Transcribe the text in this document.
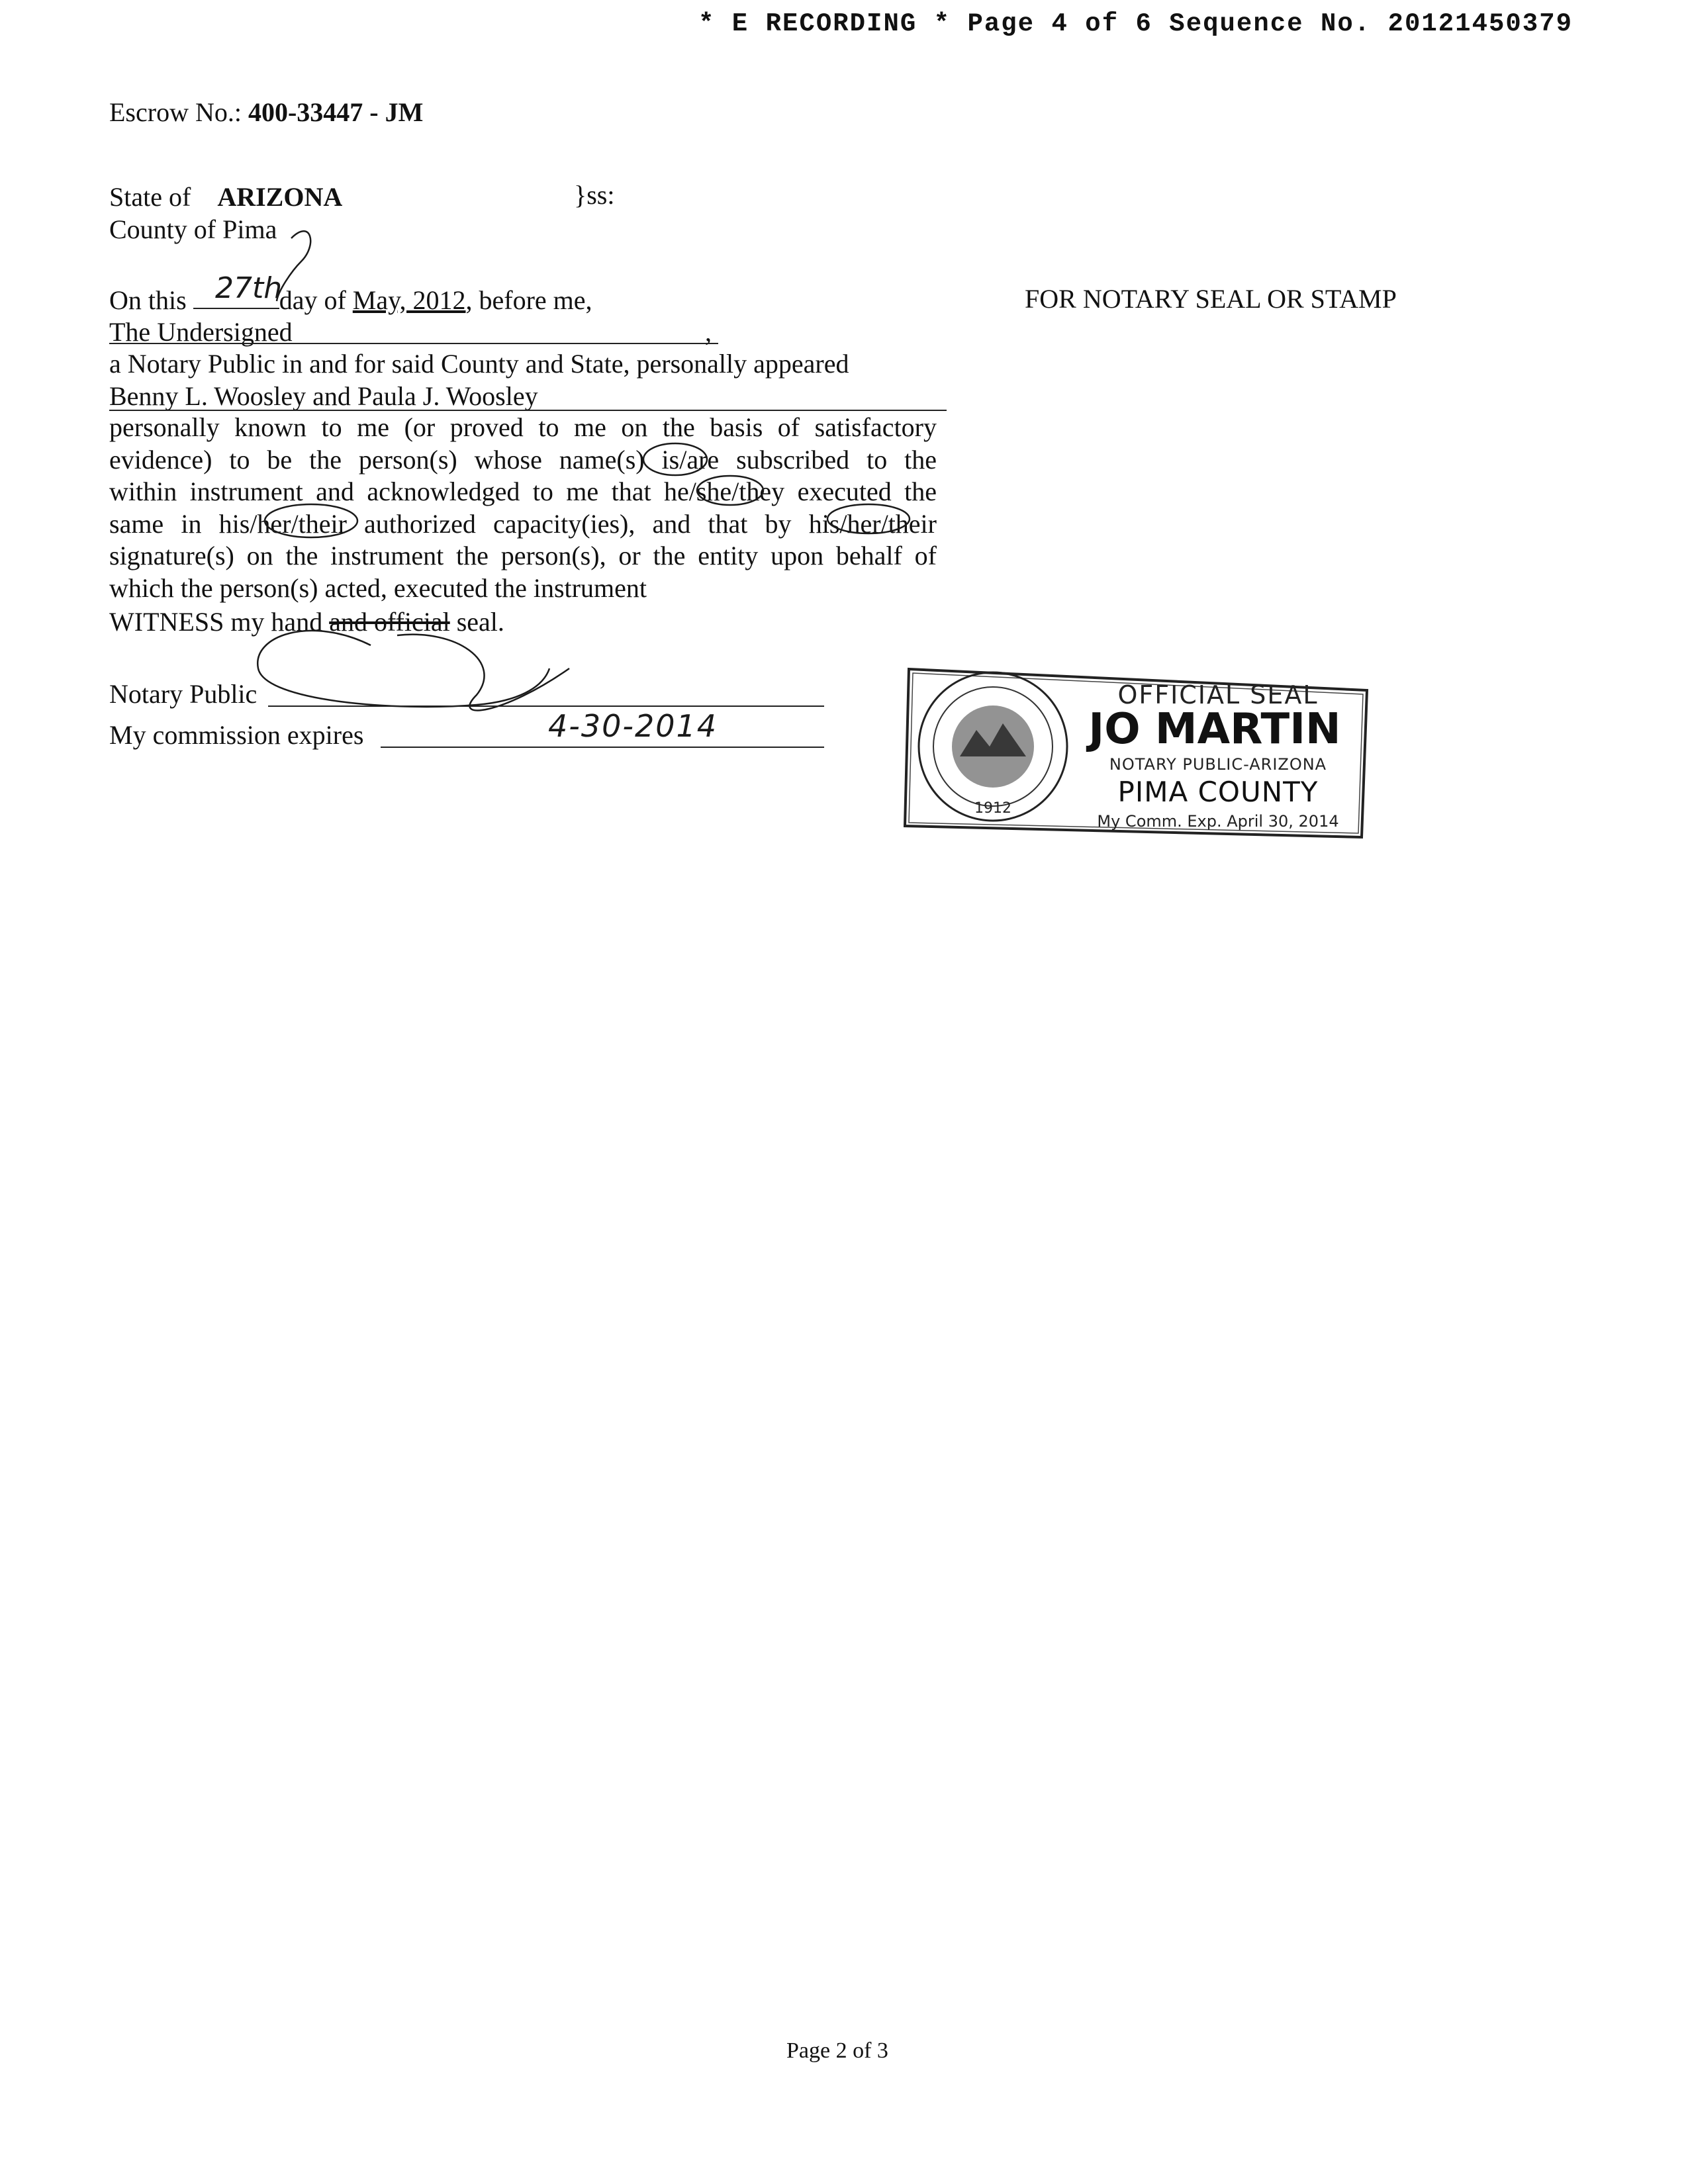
* E RECORDING * Page 4 of 6 Sequence No. 20121450379
Escrow No.: 400-33447 - JM
State of ARIZONA	}ss:
County of Pima
On this	day of May, 2012, before me,
27th	FOR NOTARY SEAL OR STAMP
The Undersigned	,
a Notary Public in and for said County and State, personally appeared
Benny L. Woosley and Paula J. Woosley
personally known to me (or proved to me on the basis of satisfactory
evidence) to be the person(s) whose name(s) is/are subscribed to the
within instrument and acknowledged to me that he/she/they executed the
same in his/her/their authorized capacity(ies), and that by his/her/their
signature(s) on the instrument the person(s), or the entity upon behalf of
which the person(s) acted, executed the instrument
WITNESS my hand and official seal.
Notary Public
My commission expires	4-30-2014
1912
OFFICIAL SEAL
JO MARTIN
NOTARY PUBLIC-ARIZONA
PIMA COUNTY
My Comm. Exp. April 30, 2014
Page 2 of 3
